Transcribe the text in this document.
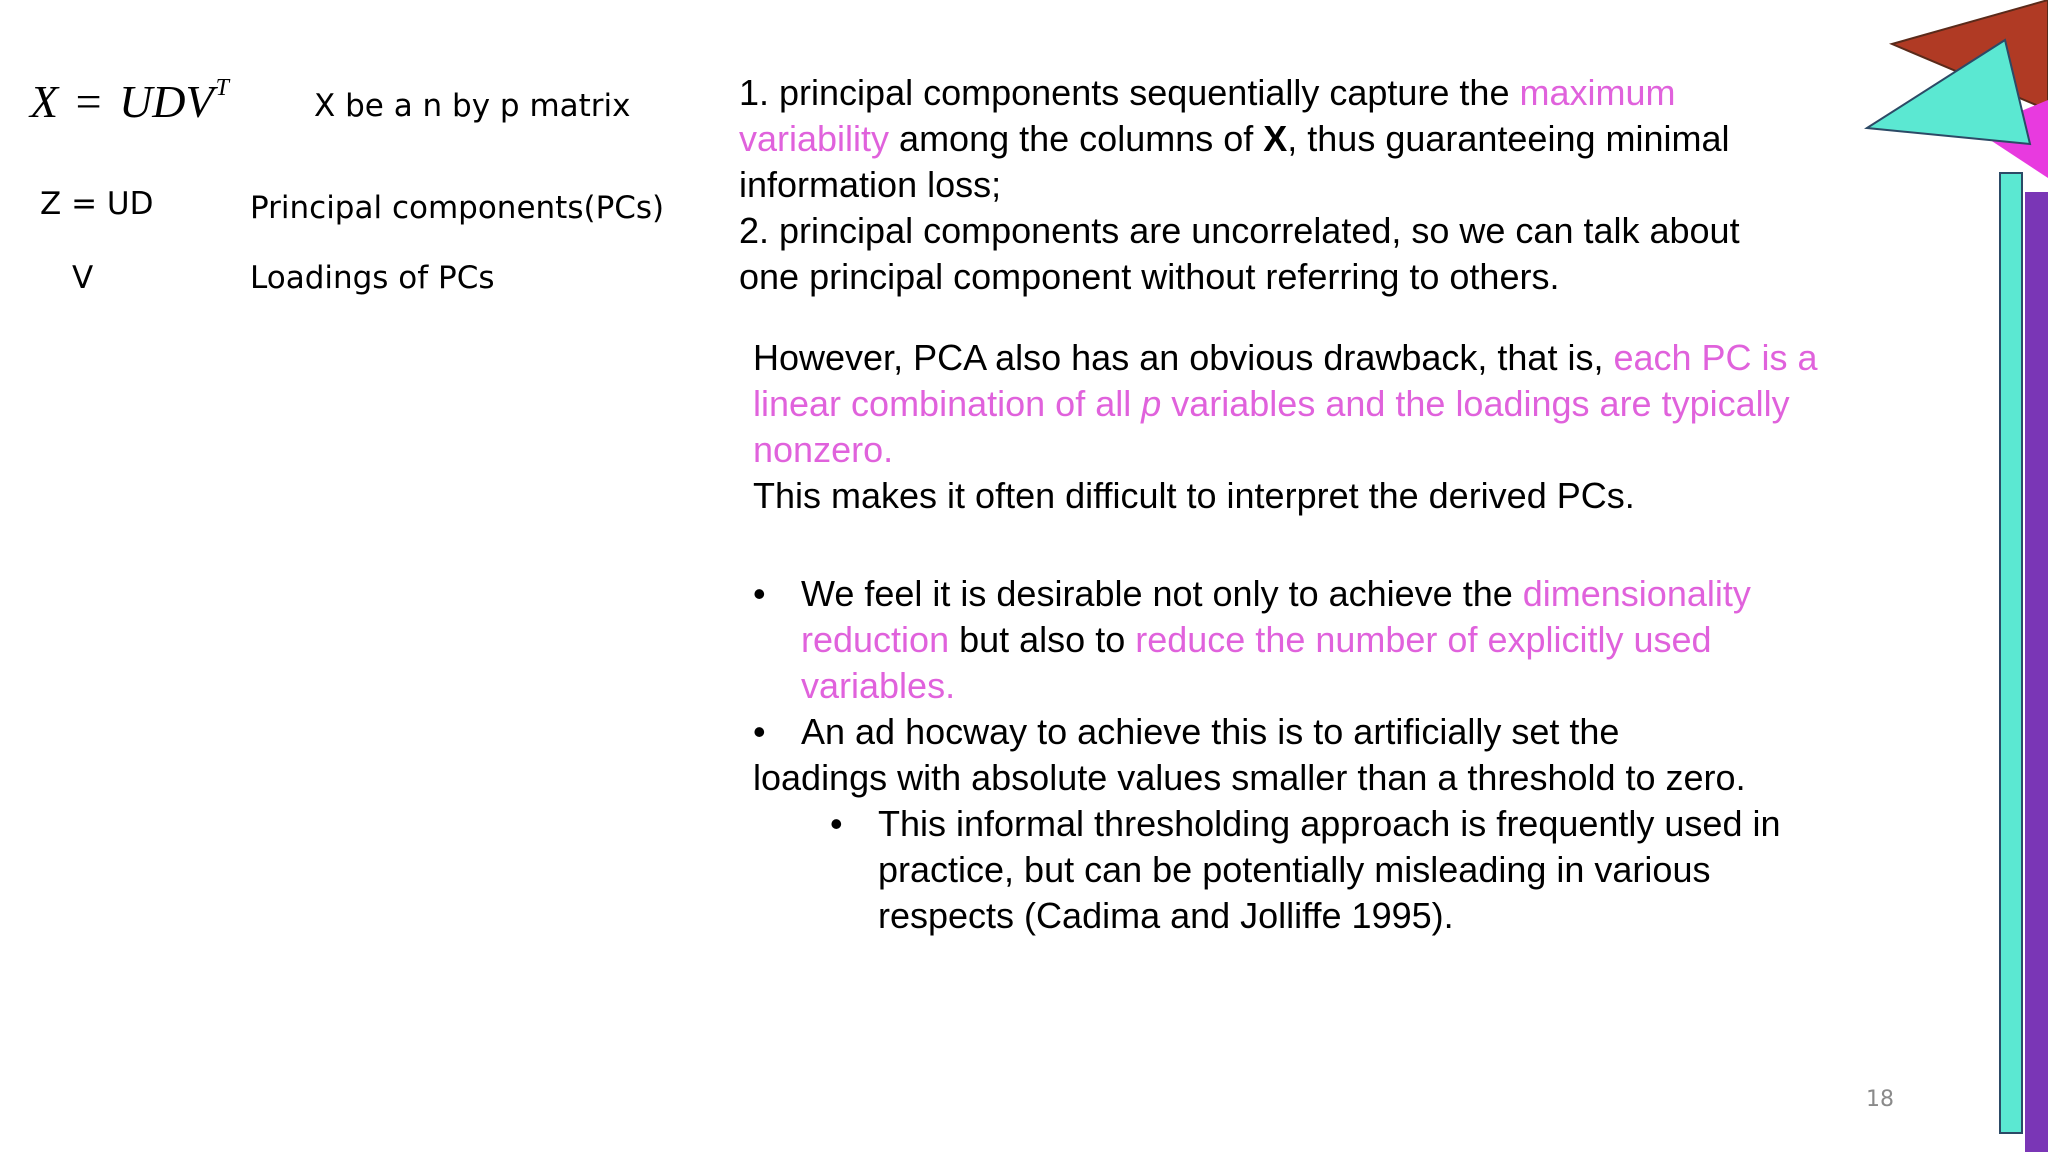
$X = UDV^T$	X be a n by p matrix
Z = UD	Principal components(PCs)
V	Loadings of PCs
1. principal components sequentially capture the maximum
variability among the columns of X, thus guaranteeing minimal
information loss;
2. principal components are uncorrelated, so we can talk about
one principal component without referring to others.
However, PCA also has an obvious drawback, that is, each PC is a
linear combination of all p variables and the loadings are typically
nonzero.
This makes it often difficult to interpret the derived PCs.
• We feel it is desirable not only to achieve the dimensionality
reduction but also to reduce the number of explicitly used
variables.
• An ad hocway to achieve this is to artificially set the
loadings with absolute values smaller than a threshold to zero.
• This informal thresholding approach is frequently used in
practice, but can be potentially misleading in various
respects (Cadima and Jolliffe 1995).
18
